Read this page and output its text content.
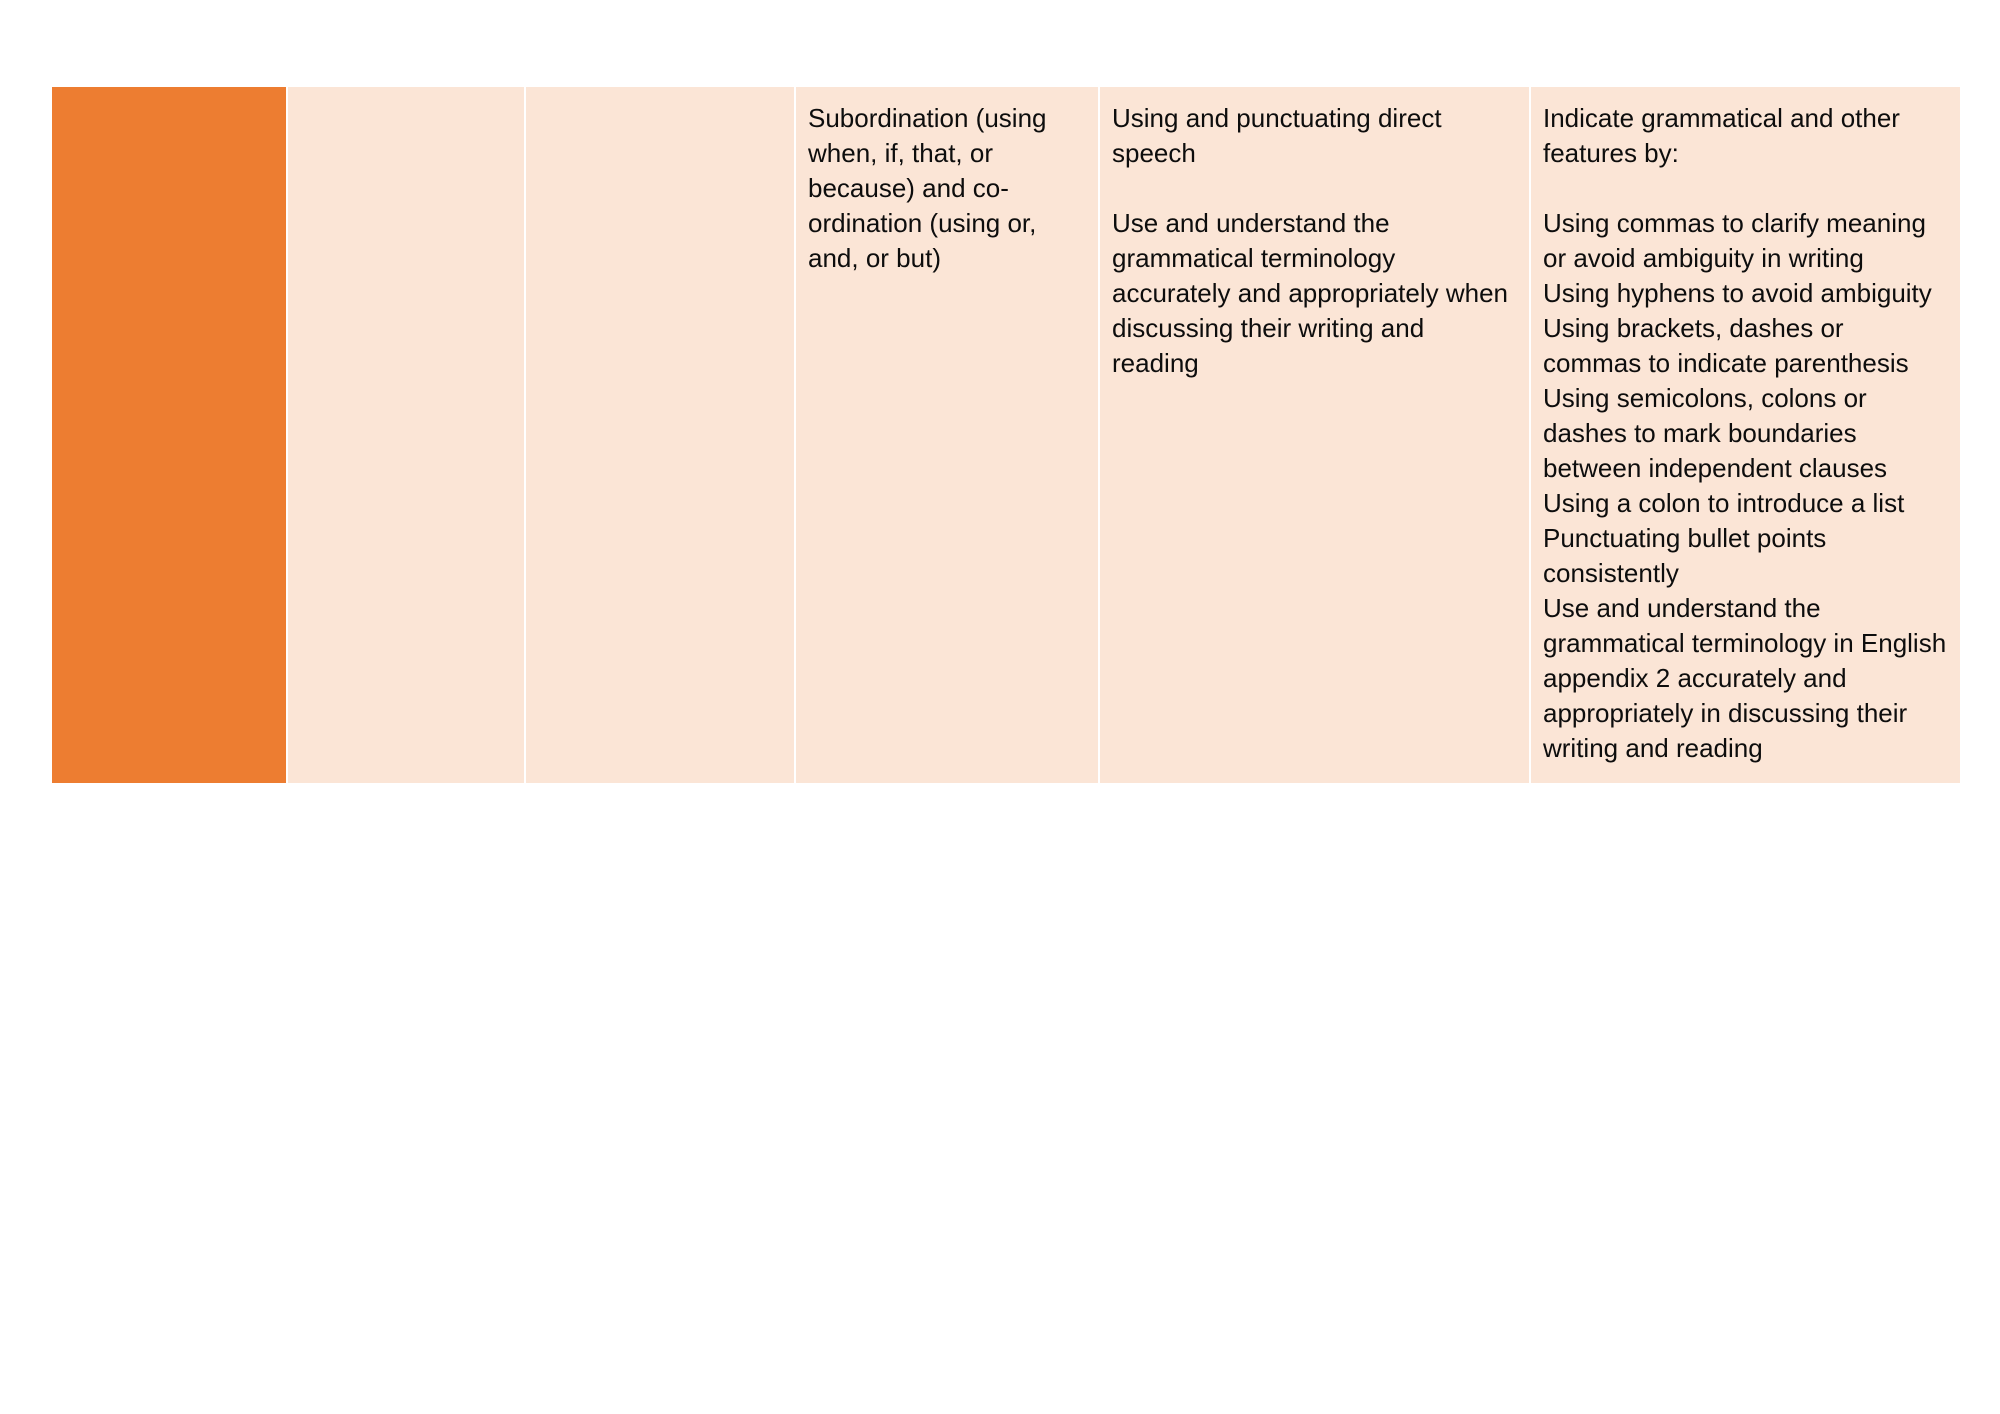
Subordination (using when, if, that, or because) and co-ordination (using or, and, or but)

Using and punctuating direct speech

Use and understand the grammatical terminology accurately and appropriately when discussing their writing and reading

Indicate grammatical and other features by:

Using commas to clarify meaning or avoid ambiguity in writing
Using hyphens to avoid ambiguity
Using brackets, dashes or commas to indicate parenthesis
Using semicolons, colons or dashes to mark boundaries between independent clauses
Using a colon to introduce a list
Punctuating bullet points consistently
Use and understand the grammatical terminology in English appendix 2 accurately and appropriately in discussing their writing and reading
